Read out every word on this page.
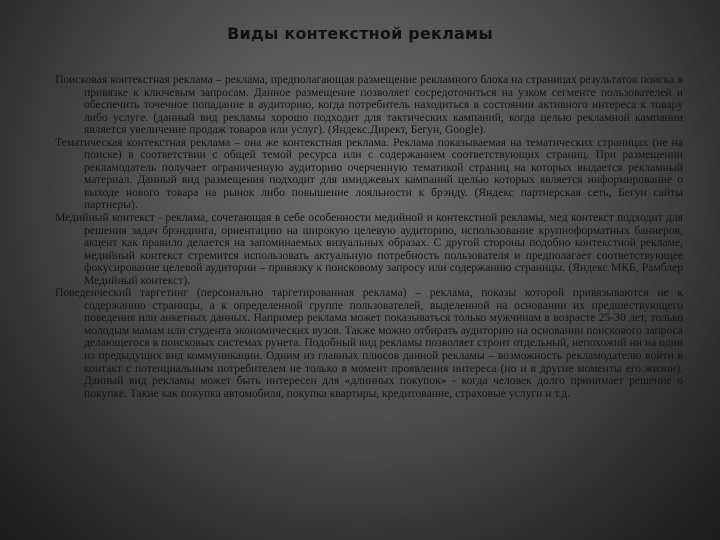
Виды контекстной рекламы

Поисковая контекстная реклама – реклама, предполагающая размещение рекламного блока на страницах результатов поиска в привязке к ключевым запросам. Данное размещение позволяет сосредоточиться на узком сегменте пользователей и обеспечить точечное попадание в аудиторию, когда потребитель находиться в состоянии активного интереса к товару либо услуге. (данный вид рекламы хорошо подходит для тактических кампаний, когда целью рекламной кампании является увеличение продаж товаров или услуг). (Яндекс.Директ, Бегун, Google).

Тематическая контекстная реклама – она же контекстная реклама. Реклама показываемая на тематических страницах (не на поиске) в соответствии с общей темой ресурса или с содержанием соответствующих страниц. При размещении рекламодатель получает ограниченную аудиторию очерченную тематикой страниц на которых выдается рекламный материал. Данный вид размещения подходит для имиджевых кампаний целью которых является информирование о выходе нового товара на рынок либо повышение лояльности к брэнду. (Яндекс партнерская сеть, Бегун сайты партнеры).

Медийный контекст - реклама, сочетающая в себе особенности медийной и контекстной рекламы, мед контекст подходит для решения задач брэндинга, ориентацию на широкую целевую аудиторию, использование крупноформатных баннеров, акцент как правило делается на запоминаемых визуальных образах. С другой стороны подобно контекстной рекламе, медийный контекст стремится использовать актуальную потребность пользователя и предполагает соответствующее фокусирование целевой аудитории – привязку к поисковому запросу или содержанию страницы. (Яндекс МКБ, Рамблер Медийный контекст).

Поведенческий таргетинг (персонально таргетированная реклама) – реклама, показы которой привязываются не к содержанию страницы, а к определенной группе пользователей, выделенной на основании их предшествующего поведения или анкетных данных. Например реклама может показываться только мужчинам в возрасте 25-30 лет, только молодым мамам или студента экономических вузов. Также можно отбирать аудиторию на основании поискового запроса делающегося в поисковых системах рунета. Подобный вид рекламы позволяет строит отдельный, непохожий ни на один из предыдущих вид коммуникации. Одним из главных плюсов данной рекламы – возможность рекламодателю войти в контакт с потенциальным потребителем не только в момент проявления интереса (но и в другие моменты его жизни). Данный вид рекламы может быть интересен для «длинных покупок» - когда человек долго принимает решение о покупке. Такие как покупка автомобиля, покупка квартиры, кредитование, страховые услуги и т.д.
